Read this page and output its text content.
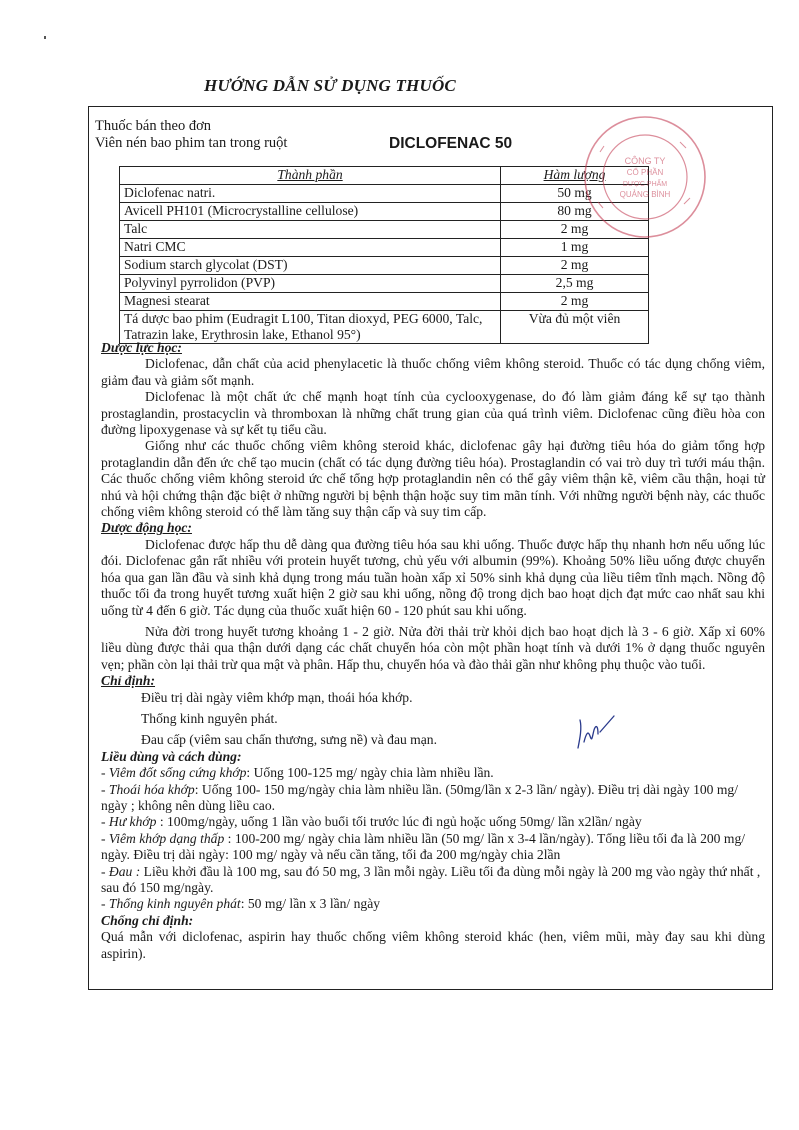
HƯỚNG DẪN SỬ DỤNG THUỐC
Thuốc bán theo đơn
Viên nén bao phim tan trong ruột	DICLOFENAC 50
Thành phần	Hàm lượng
Diclofenac natri.	50 mg
Avicell PH101 (Microcrystalline cellulose)	80 mg
Talc	2 mg
Natri CMC	1 mg
Sodium starch glycolat (DST)	2 mg
Polyvinyl pyrrolidon (PVP)	2,5 mg
Magnesi stearat	2 mg
Tá dược bao phim (Eudragit L100, Titan dioxyd, PEG 6000, Talc, Tatrazin lake, Erythrosin lake, Ethanol 95°)	Vừa đủ một viên
Dược lực học:

Diclofenac, dẫn chất của acid phenylacetic là thuốc chống viêm không steroid. Thuốc có tác dụng chống viêm, giảm đau và giảm sốt mạnh.

Diclofenac là một chất ức chế mạnh hoạt tính của cyclooxygenase, do đó làm giảm đáng kể sự tạo thành prostaglandin, prostacyclin và thromboxan là những chất trung gian của quá trình viêm. Diclofenac cũng điều hòa con đường lipoxygenase và sự kết tụ tiểu cầu.

Giống như các thuốc chống viêm không steroid khác, diclofenac gây hại đường tiêu hóa do giảm tổng hợp protaglandin dẫn đến ức chế tạo mucin (chất có tác dụng đường tiêu hóa). Prostaglandin có vai trò duy trì tưới máu thận. Các thuốc chống viêm không steroid ức chế tổng hợp protaglandin nên có thể gây viêm thận kẽ, viêm cầu thận, hoại tử nhú và hội chứng thận đặc biệt ở những người bị bệnh thận hoặc suy tim mãn tính. Với những người bệnh này, các thuốc chống viêm không steroid có thể làm tăng suy thận cấp và suy tim cấp.

Dược động học:

Diclofenac được hấp thu dễ dàng qua đường tiêu hóa sau khi uống. Thuốc được hấp thụ nhanh hơn nếu uống lúc đói. Diclofenac gắn rất nhiều với protein huyết tương, chủ yếu với albumin (99%). Khoảng 50% liều uống được chuyển hóa qua gan lần đầu và sinh khả dụng trong máu tuần hoàn xấp xỉ 50% sinh khả dụng của liều tiêm tĩnh mạch. Nồng độ thuốc tối đa trong huyết tương xuất hiện 2 giờ sau khi uống, nồng độ trong dịch bao hoạt dịch đạt mức cao nhất sau khi uống từ 4 đến 6 giờ. Tác dụng của thuốc xuất hiện 60 - 120 phút sau khi uống.

Nửa đời trong huyết tương khoảng 1 - 2 giờ. Nửa đời thải trừ khỏi dịch bao hoạt dịch là 3 - 6 giờ. Xấp xỉ 60% liều dùng được thải qua thận dưới dạng các chất chuyển hóa còn một phần hoạt tính và dưới 1% ở dạng thuốc nguyên vẹn; phần còn lại thải trừ qua mật và phân. Hấp thu, chuyển hóa và đào thải gần như không phụ thuộc vào tuổi.

Chỉ định:

Điều trị dài ngày viêm khớp mạn, thoái hóa khớp.

Thống kinh nguyên phát.

Đau cấp (viêm sau chấn thương, sưng nề) và đau mạn.

Liều dùng và cách dùng:

- Viêm đốt sống cứng khớp: Uống 100-125 mg/ ngày chia làm nhiều lần.

- Thoái hóa khớp: Uống 100- 150 mg/ngày chia làm nhiều lần. (50mg/lần x 2-3 lần/ ngày). Điều trị dài ngày 100 mg/ ngày ; không nên dùng liều cao.

- Hư khớp : 100mg/ngày, uống 1 lần vào buổi tối trước lúc đi ngủ hoặc uống 50mg/ lần x2lần/ ngày

- Viêm khớp dạng thấp : 100-200 mg/ ngày chia làm nhiều lần (50 mg/ lần x 3-4 lần/ngày). Tổng liều tối đa là 200 mg/ ngày. Điều trị dài ngày: 100 mg/ ngày và nếu cần tăng, tối đa 200 mg/ngày chia 2lần

- Đau : Liều khởi đầu là 100 mg, sau đó 50 mg, 3 lần mỗi ngày. Liều tối đa dùng mỗi ngày là 200 mg vào ngày thứ nhất , sau đó 150 mg/ngày.

- Thống kinh nguyên phát: 50 mg/ lần x 3 lần/ ngày

Chống chỉ định:

Quá mẫn với diclofenac, aspirin hay thuốc chống viêm không steroid khác (hen, viêm mũi, mày đay sau khi dùng aspirin).

CÔNG TY
CỔ PHẦN
DƯỢC PHẨM
QUẢNG BÌNH
